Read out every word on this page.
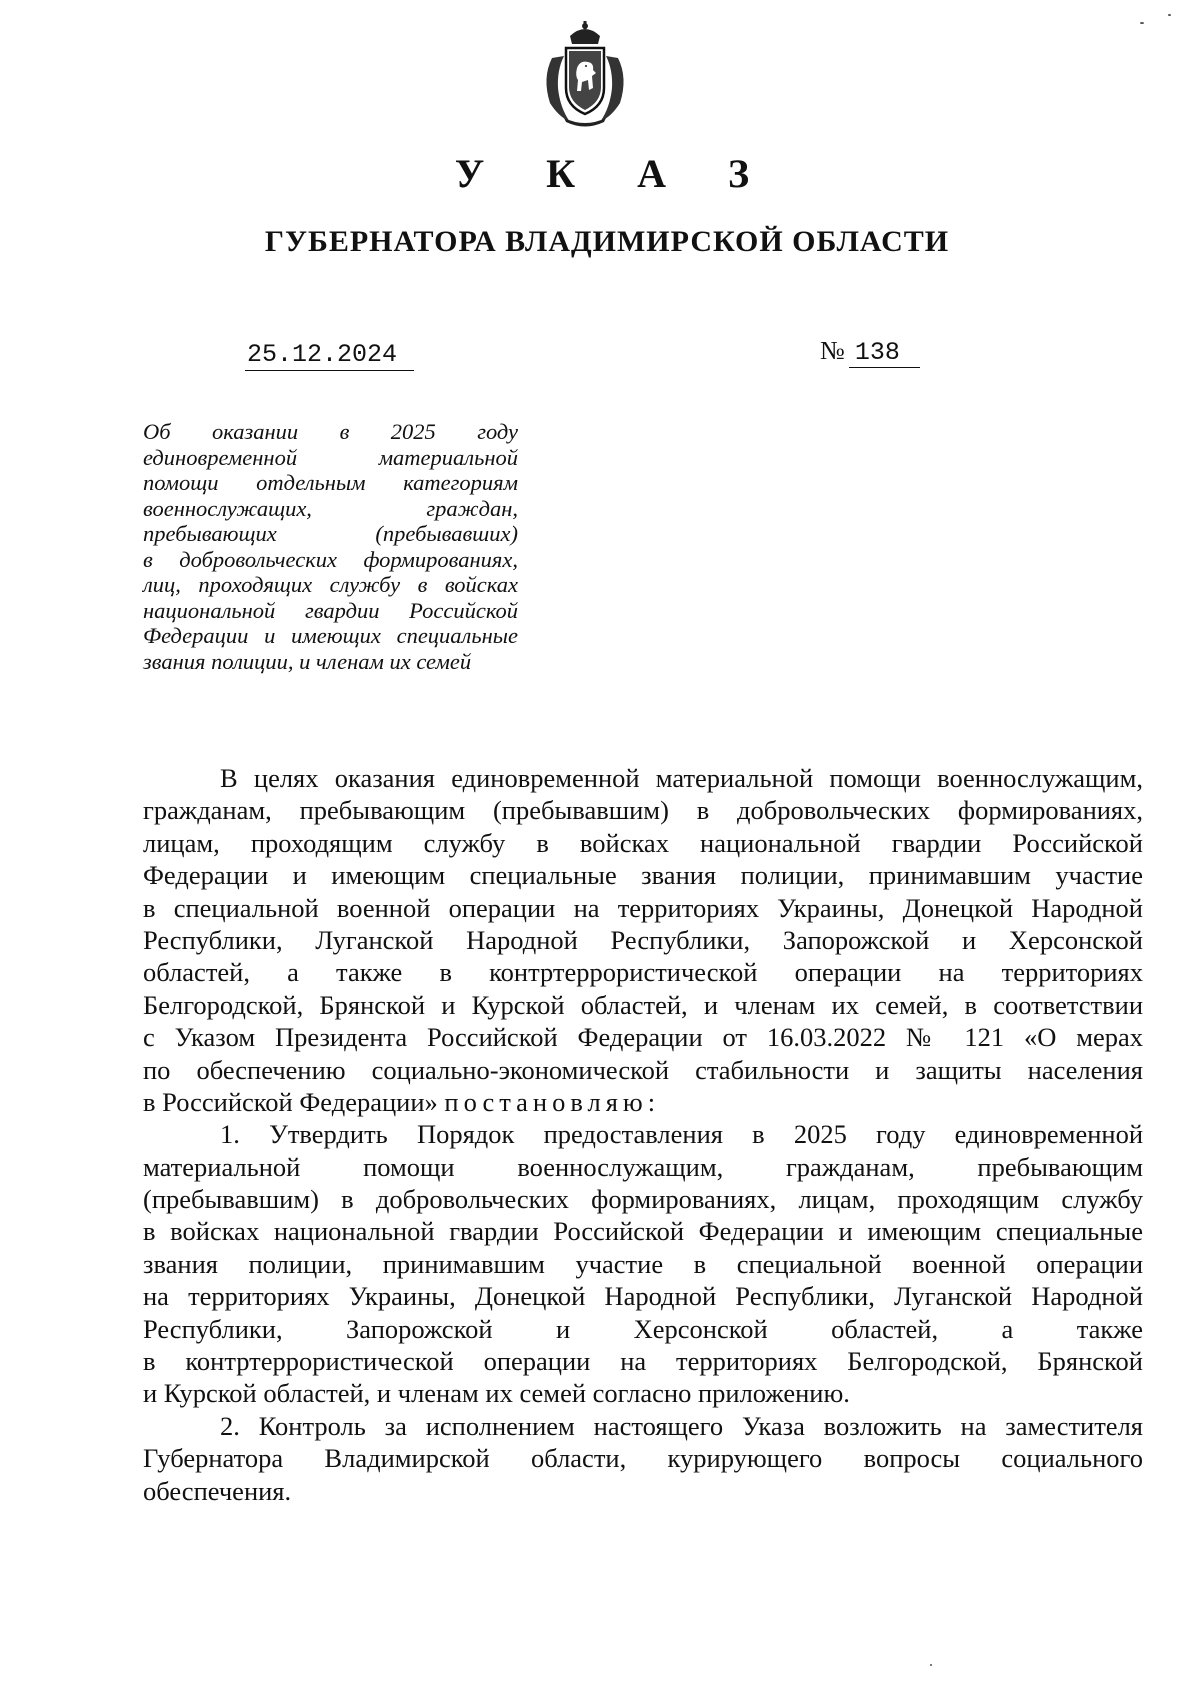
У К А З
ГУБЕРНАТОРА ВЛАДИМИРСКОЙ ОБЛАСТИ
25.12.2024	№ 138
Об оказании в 2025 году
единовременной материальной
помощи отдельным категориям
военнослужащих, граждан,
пребывающих (пребывавших)
в добровольческих формированиях,
лиц, проходящих службу в войсках
национальной гвардии Российской
Федерации и имеющих специальные
звания полиции, и членам их семей
В целях оказания единовременной материальной помощи военнослужащим,
гражданам, пребывающим (пребывавшим) в добровольческих формированиях,
лицам, проходящим службу в войсках национальной гвардии Российской
Федерации и имеющим специальные звания полиции, принимавшим участие
в специальной военной операции на территориях Украины, Донецкой Народной
Республики, Луганской Народной Республики, Запорожской и Херсонской
областей, а также в контртеррористической операции на территориях
Белгородской, Брянской и Курской областей, и членам их семей, в соответствии
с Указом Президента Российской Федерации от 16.03.2022 № 121 «О мерах
по обеспечению социально-экономической стабильности и защиты населения
в Российской Федерации» постановляю:
1. Утвердить Порядок предоставления в 2025 году единовременной
материальной помощи военнослужащим, гражданам, пребывающим
(пребывавшим) в добровольческих формированиях, лицам, проходящим службу
в войсках национальной гвардии Российской Федерации и имеющим специальные
звания полиции, принимавшим участие в специальной военной операции
на территориях Украины, Донецкой Народной Республики, Луганской Народной
Республики, Запорожской и Херсонской областей, а также
в контртеррористической операции на территориях Белгородской, Брянской
и Курской областей, и членам их семей согласно приложению.
2. Контроль за исполнением настоящего Указа возложить на заместителя
Губернатора Владимирской области, курирующего вопросы социального
обеспечения.
